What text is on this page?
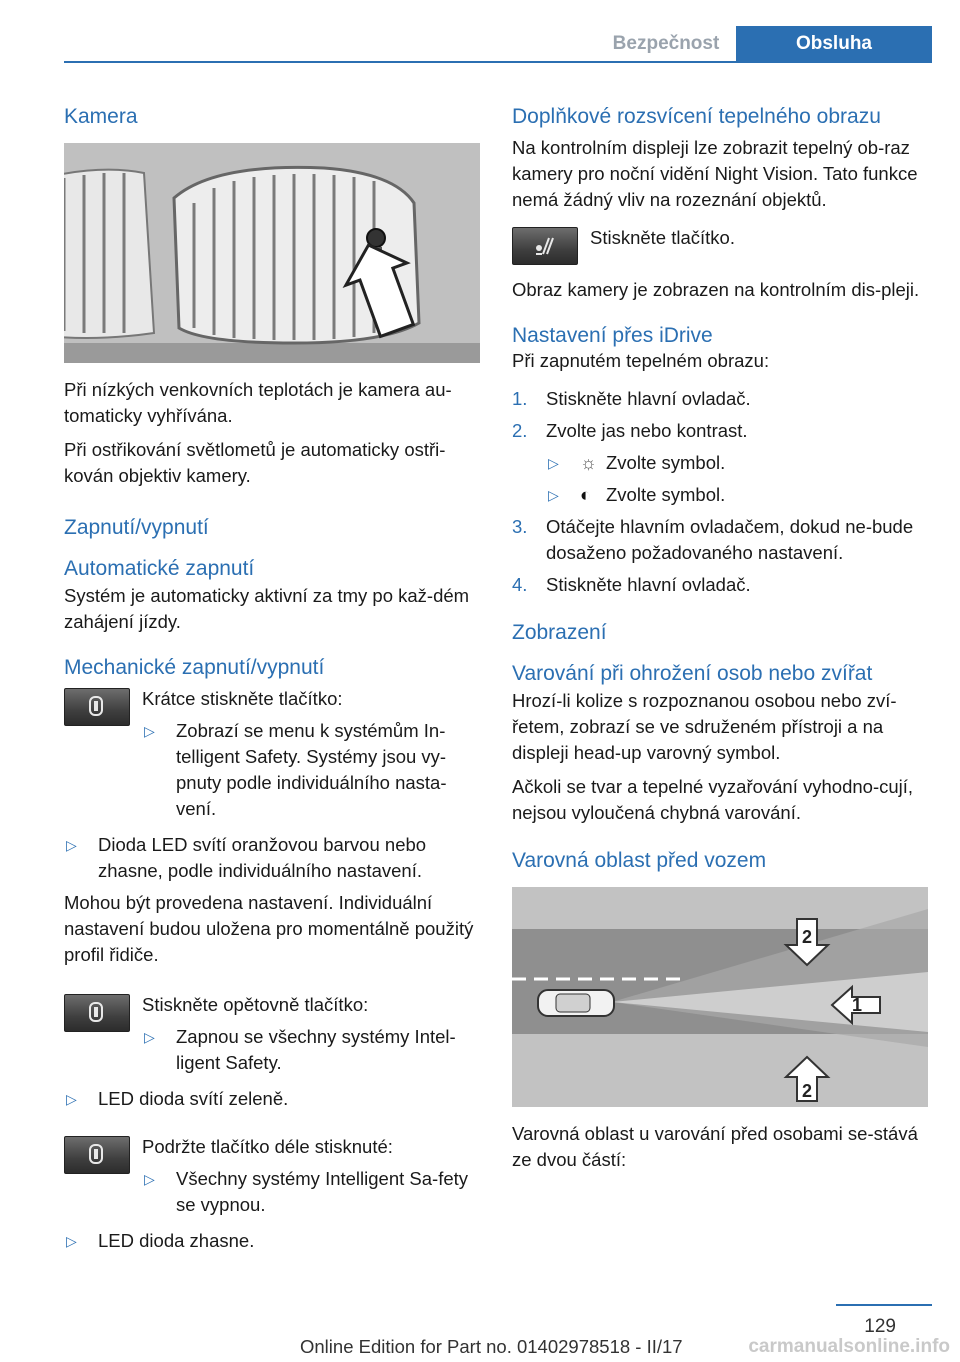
Bezpečnost	Obsluha
Kamera

Při nízkých venkovních teplotách je kamera au-tomaticky vyhřívána.

Při ostřikování světlometů je automaticky ostři-kován objektiv kamery.

Zapnutí/vypnutí
Automatické zapnutí

Systém je automaticky aktivní za tmy po kaž-dém zahájení jízdy.

Mechanické zapnutí/vypnutí

Krátce stiskněte tlačítko:

▷ Zobrazí se menu k systémům In-telligent Safety. Systémy jsou vy-pnuty podle individuálního nasta-vení.
▷ Dioda LED svítí oranžovou barvou nebo zhasne, podle individuálního nastavení.

Mohou být provedena nastavení. Individuální nastavení budou uložena pro momentálně použitý profil řidiče.

Stiskněte opětovně tlačítko:

▷ Zapnou se všechny systémy Intel-ligent Safety.
▷ LED dioda svítí zeleně.

Podržte tlačítko déle stisknuté:

▷ Všechny systémy Intelligent Sa-fety se vypnou.
▷ LED dioda zhasne.
Doplňkové rozsvícení tepelného obrazu

Na kontrolním displeji lze zobrazit tepelný ob-raz kamery pro noční vidění Night Vision. Tato funkce nemá žádný vliv na rozeznání objektů.

Stiskněte tlačítko.

Obraz kamery je zobrazen na kontrolním dis-pleji.

Nastavení přes iDrive

Při zapnutém tepelném obrazu:

1. Stiskněte hlavní ovladač.
2. Zvolte jas nebo kontrast.
▷ ☼ Zvolte symbol.
▷ ◐ Zvolte symbol.
3. Otáčejte hlavním ovladačem, dokud ne-bude dosaženo požadovaného nastavení.
4. Stiskněte hlavní ovladač.
Zobrazení
Varování při ohrožení osob nebo zvířat

Hrozí-li kolize s rozpoznanou osobou nebo zví-řetem, zobrazí se ve sdruženém přístroji a na displeji head-up varovný symbol.

Ačkoli se tvar a tepelné vyzařování vyhodno-cují, nejsou vyloučená chybná varování.

Varovná oblast před vozem
2
1
2

Varovná oblast u varování před osobami se-stává ze dvou částí:

129
Online Edition for Part no. 01402978518 - II/17	carmanualsonline.info
